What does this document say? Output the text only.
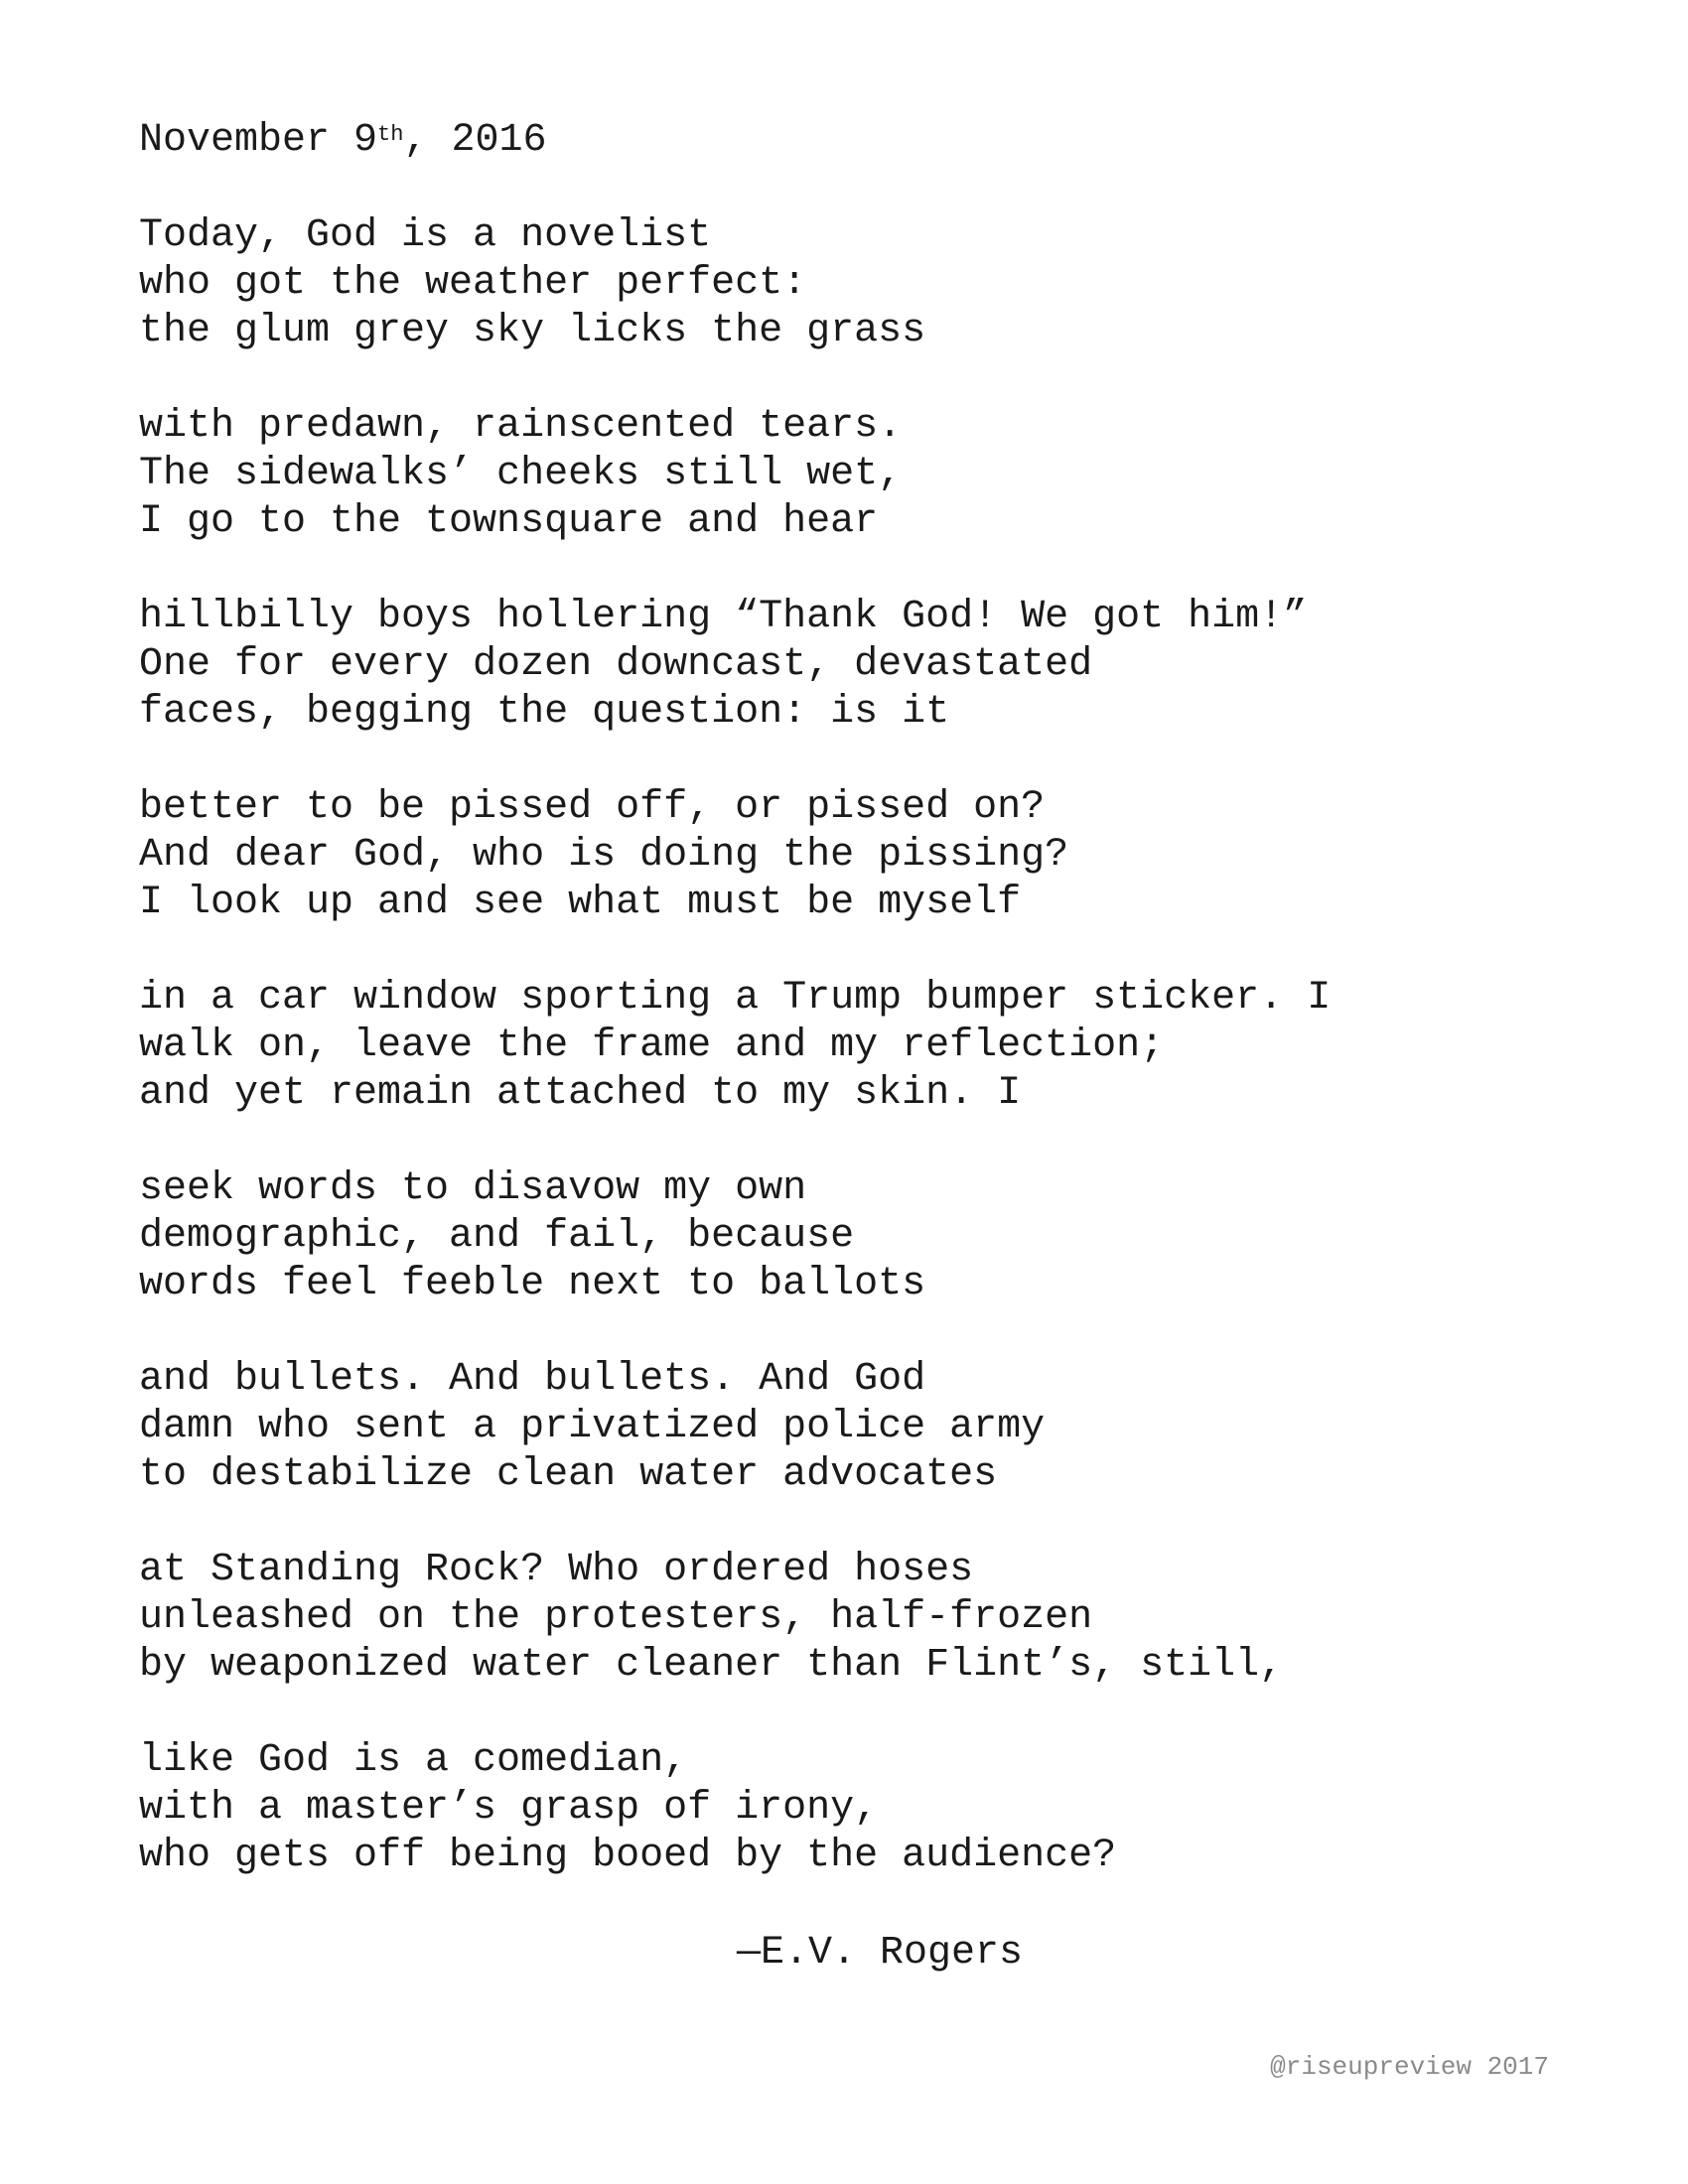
November 9th, 2016
Today, God is a novelist
who got the weather perfect:
the glum grey sky licks the grass
with predawn, rainscented tears.
The sidewalks’ cheeks still wet,
I go to the townsquare and hear
hillbilly boys hollering “Thank God! We got him!”
One for every dozen downcast, devastated
faces, begging the question: is it
better to be pissed off, or pissed on?
And dear God, who is doing the pissing?
I look up and see what must be myself
in a car window sporting a Trump bumper sticker. I
walk on, leave the frame and my reflection;
and yet remain attached to my skin. I
seek words to disavow my own
demographic, and fail, because
words feel feeble next to ballots
and bullets. And bullets. And God
damn who sent a privatized police army
to destabilize clean water advocates
at Standing Rock? Who ordered hoses
unleashed on the protesters, half-frozen
by weaponized water cleaner than Flint’s, still,
like God is a comedian,
with a master’s grasp of irony,
who gets off being booed by the audience?
—E.V. Rogers
@riseupreview 2017
